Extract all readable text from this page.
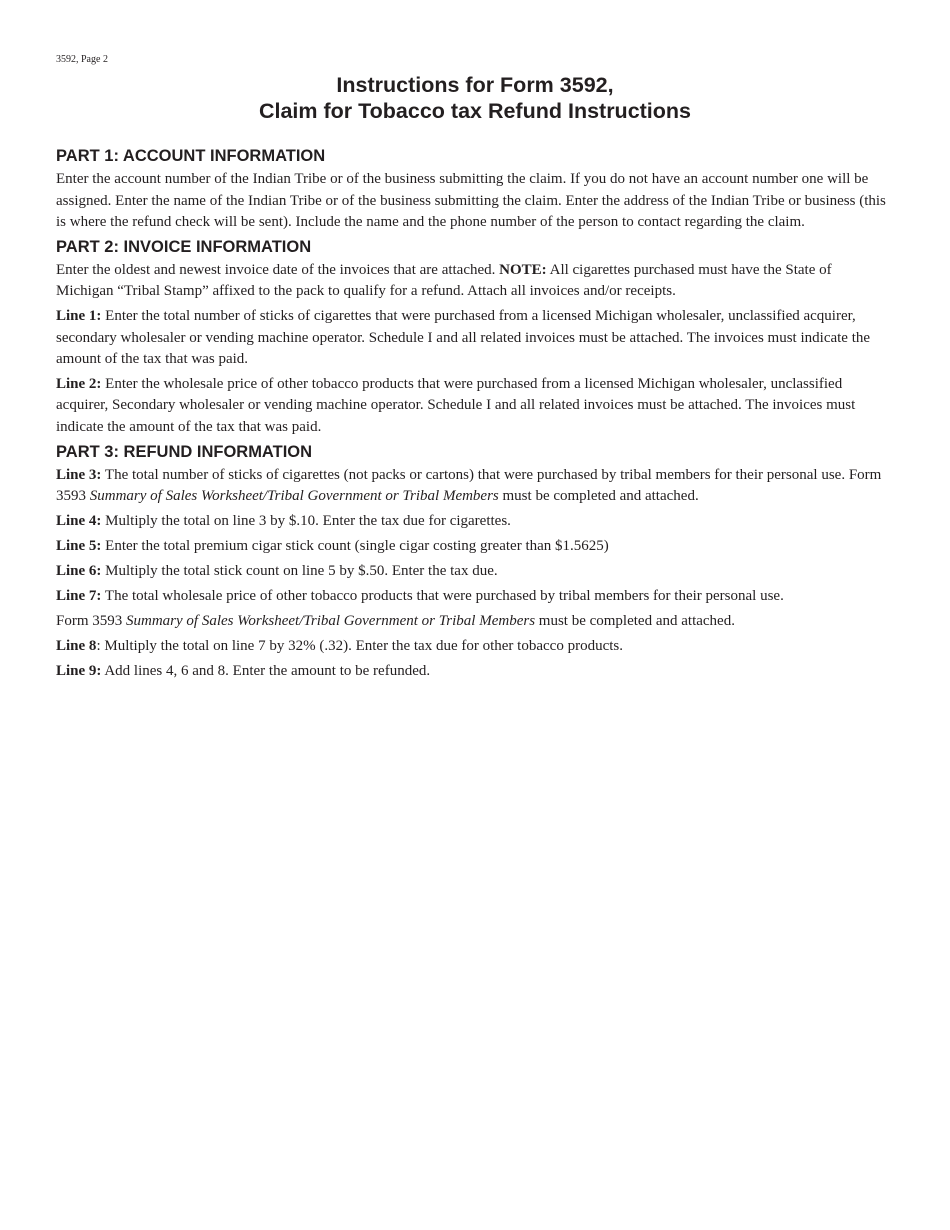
3592, Page 2
Instructions for Form 3592,
Claim for Tobacco tax Refund Instructions
PART 1: ACCOUNT INFORMATION

Enter the account number of the Indian Tribe or of the business submitting the claim. If you do not have an account number one will be assigned. Enter the name of the Indian Tribe or of the business submitting the claim. Enter the address of the Indian Tribe or business (this is where the refund check will be sent). Include the name and the phone number of the person to contact regarding the claim.

PART 2: INVOICE INFORMATION

Enter the oldest and newest invoice date of the invoices that are attached. NOTE: All cigarettes purchased must have the State of Michigan “Tribal Stamp” affixed to the pack to qualify for a refund. Attach all invoices and/or receipts.

Line 1: Enter the total number of sticks of cigarettes that were purchased from a licensed Michigan wholesaler, unclassified acquirer, secondary wholesaler or vending machine operator. Schedule I and all related invoices must be attached. The invoices must indicate the amount of the tax that was paid.

Line 2: Enter the wholesale price of other tobacco products that were purchased from a licensed Michigan wholesaler, unclassified acquirer, Secondary wholesaler or vending machine operator. Schedule I and all related invoices must be attached. The invoices must indicate the amount of the tax that was paid.

PART 3: REFUND INFORMATION

Line 3: The total number of sticks of cigarettes (not packs or cartons) that were purchased by tribal members for their personal use. Form 3593 Summary of Sales Worksheet/Tribal Government or Tribal Members must be completed and attached.

Line 4: Multiply the total on line 3 by $.10. Enter the tax due for cigarettes.

Line 5: Enter the total premium cigar stick count (single cigar costing greater than $1.5625)

Line 6: Multiply the total stick count on line 5 by $.50. Enter the tax due.

Line 7: The total wholesale price of other tobacco products that were purchased by tribal members for their personal use.

Form 3593 Summary of Sales Worksheet/Tribal Government or Tribal Members must be completed and attached.

Line 8: Multiply the total on line 7 by 32% (.32). Enter the tax due for other tobacco products.

Line 9: Add lines 4, 6 and 8. Enter the amount to be refunded.
